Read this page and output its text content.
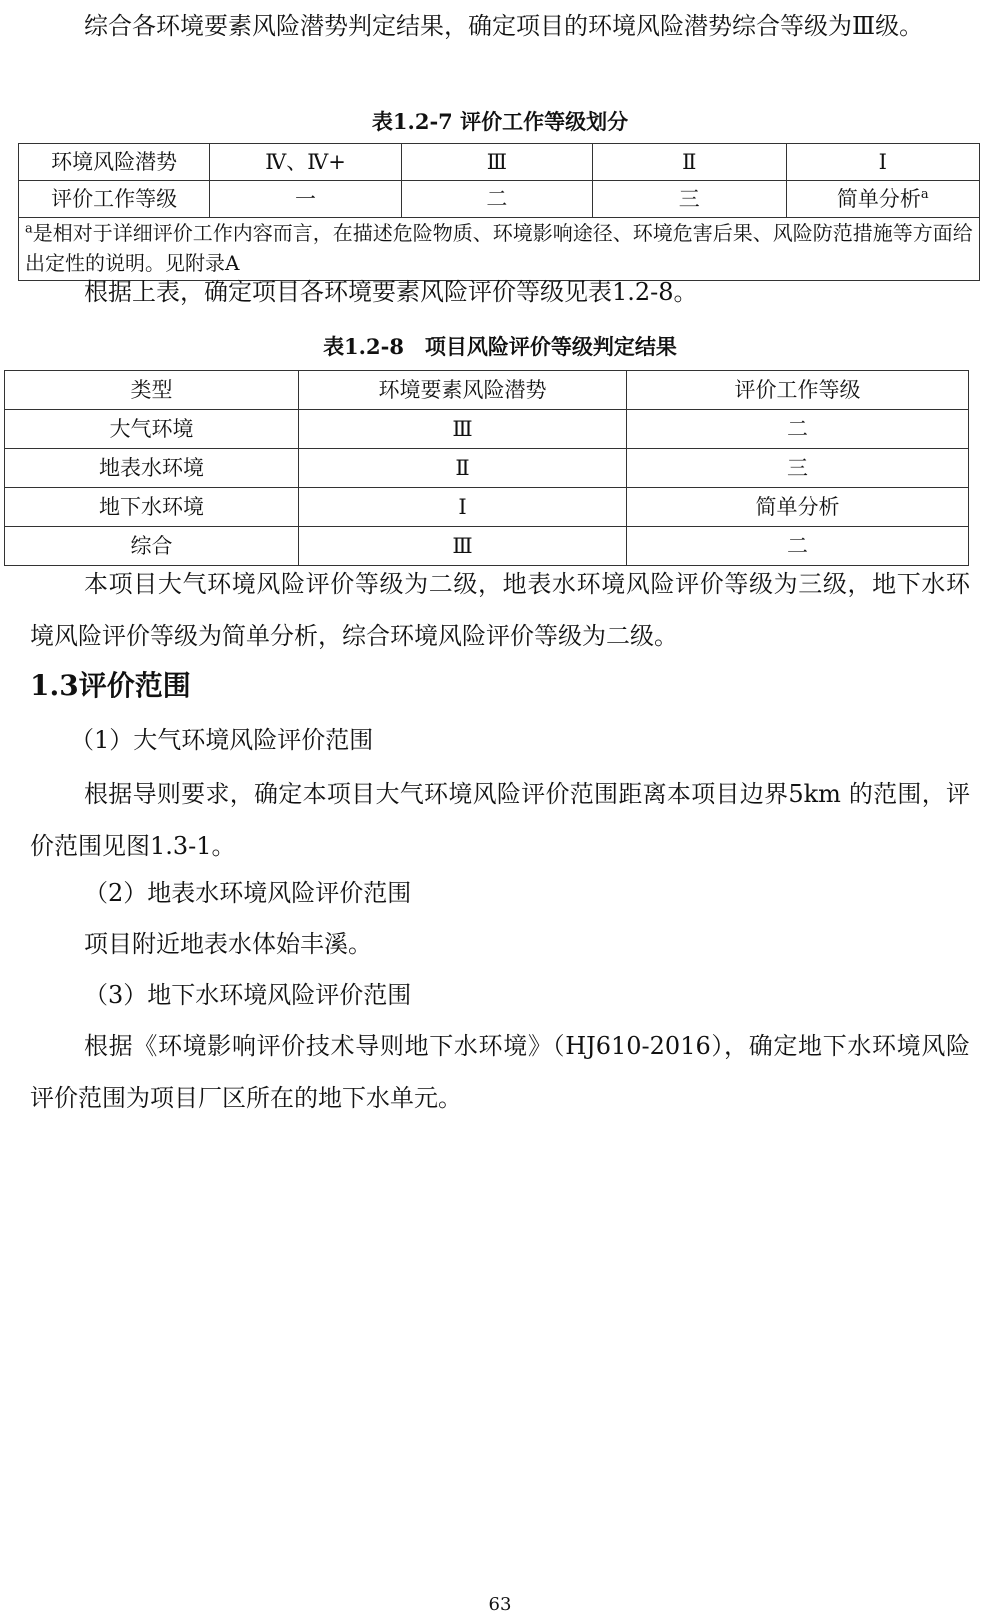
综合各环境要素风险潜势判定结果，确定项目的环境风险潜势综合等级为Ⅲ级。

表1.2-7 评价工作等级划分
环境风险潜势	Ⅳ、Ⅳ+	Ⅲ	Ⅱ	Ⅰ
评价工作等级	一	二	三	简单分析$^a$
$^a$是相对于详细评价工作内容而言，在描述危险物质、环境影响途径、环境危害后果、风险防范措施等方面给出定性的说明。见附录A				

根据上表，确定项目各环境要素风险评价等级见表1.2-8。

表1.2-8　项目风险评价等级判定结果
类型	环境要素风险潜势	评价工作等级
大气环境	Ⅲ	二
地表水环境	Ⅱ	三
地下水环境	Ⅰ	简单分析
综合	Ⅲ	二

本项目大气环境风险评价等级为二级，地表水环境风险评价等级为三级，地下水环境风险评价等级为简单分析，综合环境风险评价等级为二级。

1.3评价范围
（1）大气环境风险评价范围

根据导则要求，确定本项目大气环境风险评价范围距离本项目边界5km 的范围，评价范围见图1.3-1。

（2）地表水环境风险评价范围

项目附近地表水体始丰溪。

（3）地下水环境风险评价范围

根据《环境影响评价技术导则地下水环境》（HJ610-2016），确定地下水环境风险评价范围为项目厂区所在的地下水单元。

63
